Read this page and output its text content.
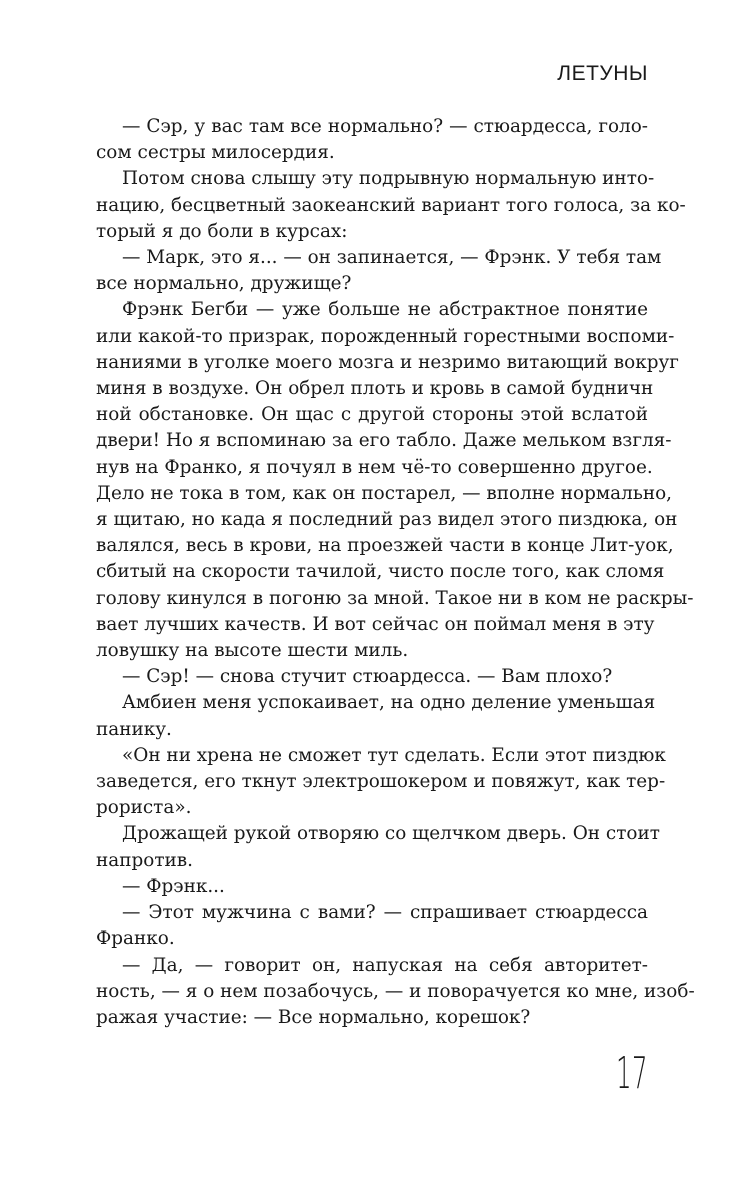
ЛЕТУНЫ
— Сэр, у вас там все нормально? — стюардесса, голо-
сом сестры милосердия.
Потом снова слышу эту подрывную нормальную инто-
нацию, бесцветный заокеанский вариант того голоса, за ко-
торый я до боли в курсах:
— Марк, это я... — он запинается, — Фрэнк. У тебя там
все нормально, дружище?
Фрэнк Бегби — уже больше не абстрактное понятие
или какой-то призрак, порожденный горестными воспоми-
наниями в уголке моего мозга и незримо витающий вокруг
миня в воздухе. Он обрел плоть и кровь в самой будничн
ной обстановке. Он щас с другой стороны этой вслатой
двери! Но я вспоминаю за его табло. Даже мельком взгля-
нув на Франко, я почуял в нем чё-то совершенно другое.
Дело не тока в том, как он постарел, — вполне нормально,
я щитаю, но када я последний раз видел этого пиздюка, он
валялся, весь в крови, на проезжей части в конце Лит-уок,
сбитый на скорости тачилой, чисто после того, как сломя
голову кинулся в погоню за мной. Такое ни в ком не раскры-
вает лучших качеств. И вот сейчас он поймал меня в эту
ловушку на высоте шести миль.
— Сэр! — снова стучит стюардесса. — Вам плохо?
Амбиен меня успокаивает, на одно деление уменьшая
панику.
«Он ни хрена не сможет тут сделать. Если этот пиздюк
заведется, его ткнут электрошокером и повяжут, как тер-
рориста».
Дрожащей рукой отворяю со щелчком дверь. Он стоит
напротив.
— Фрэнк...
— Этот мужчина с вами? — спрашивает стюардесса
Франко.
— Да, — говорит он, напуская на себя авторитет-
ность, — я о нем позабочусь, — и поворачуется ко мне, изоб-
ражая участие: — Все нормально, корешок?
17
